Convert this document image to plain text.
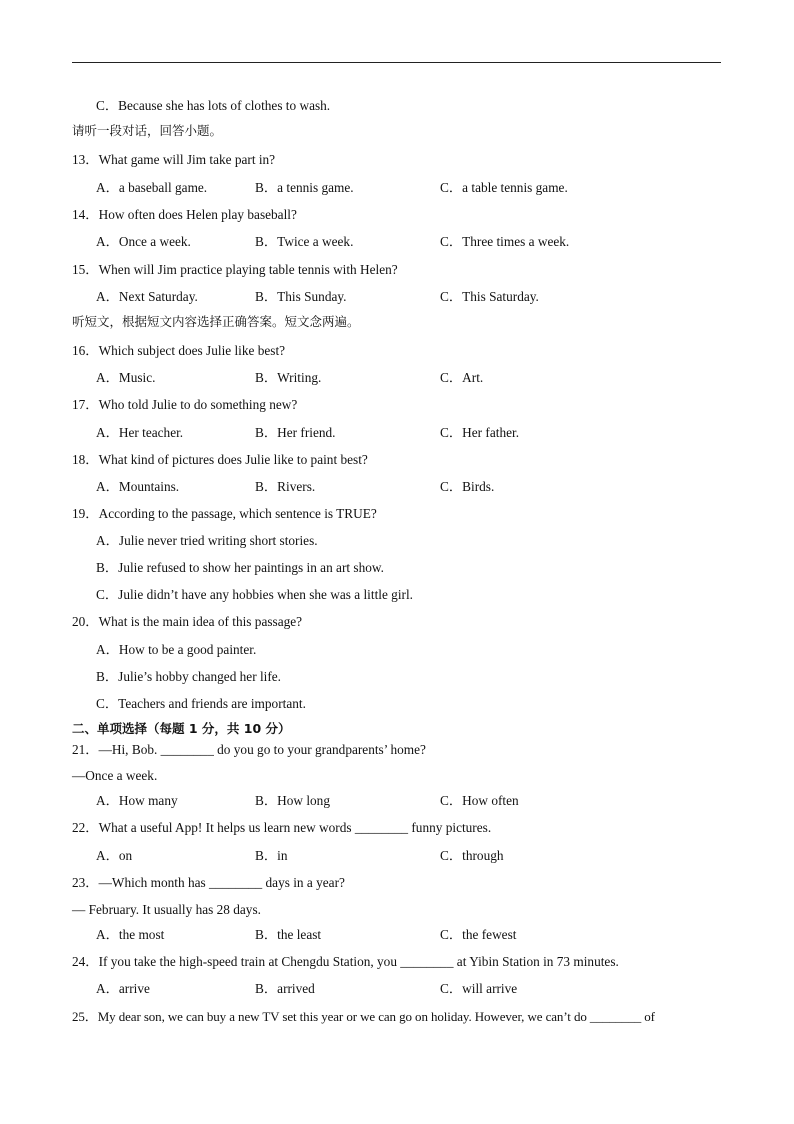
C．Because she has lots of clothes to wash.
请听一段对话，回答小题。
13．What game will Jim take part in?
A．a baseball game.	B．a tennis game.	C．a table tennis game.
14．How often does Helen play baseball?
A．Once a week.	B．Twice a week.	C．Three times a week.
15．When will Jim practice playing table tennis with Helen?
A．Next Saturday.	B．This Sunday.	C．This Saturday.
听短文，根据短文内容选择正确答案。短文念两遍。
16．Which subject does Julie like best?
A．Music.	B．Writing.	C．Art.
17．Who told Julie to do something new?
A．Her teacher.	B．Her friend.	C．Her father.
18．What kind of pictures does Julie like to paint best?
A．Mountains.	B．Rivers.	C．Birds.
19．According to the passage, which sentence is TRUE?
A．Julie never tried writing short stories.
B．Julie refused to show her paintings in an art show.
C．Julie didn’t have any hobbies when she was a little girl.
20．What is the main idea of this passage?
A．How to be a good painter.
B．Julie’s hobby changed her life.
C．Teachers and friends are important.
二、单项选择（每题 1 分，共 10 分）
21．—Hi, Bob. ________ do you go to your grandparents’ home?
—Once a week.
A．How many	B．How long	C．How often
22．What a useful App! It helps us learn new words ________ funny pictures.
A．on	B．in	C．through
23．—Which month has ________ days in a year?
— February. It usually has 28 days.
A．the most	B．the least	C．the fewest
24．If you take the high-speed train at Chengdu Station, you ________ at Yibin Station in 73 minutes.
A．arrive	B．arrived	C．will arrive
25．My dear son, we can buy a new TV set this year or we can go on holiday. However, we can’t do ________ of
